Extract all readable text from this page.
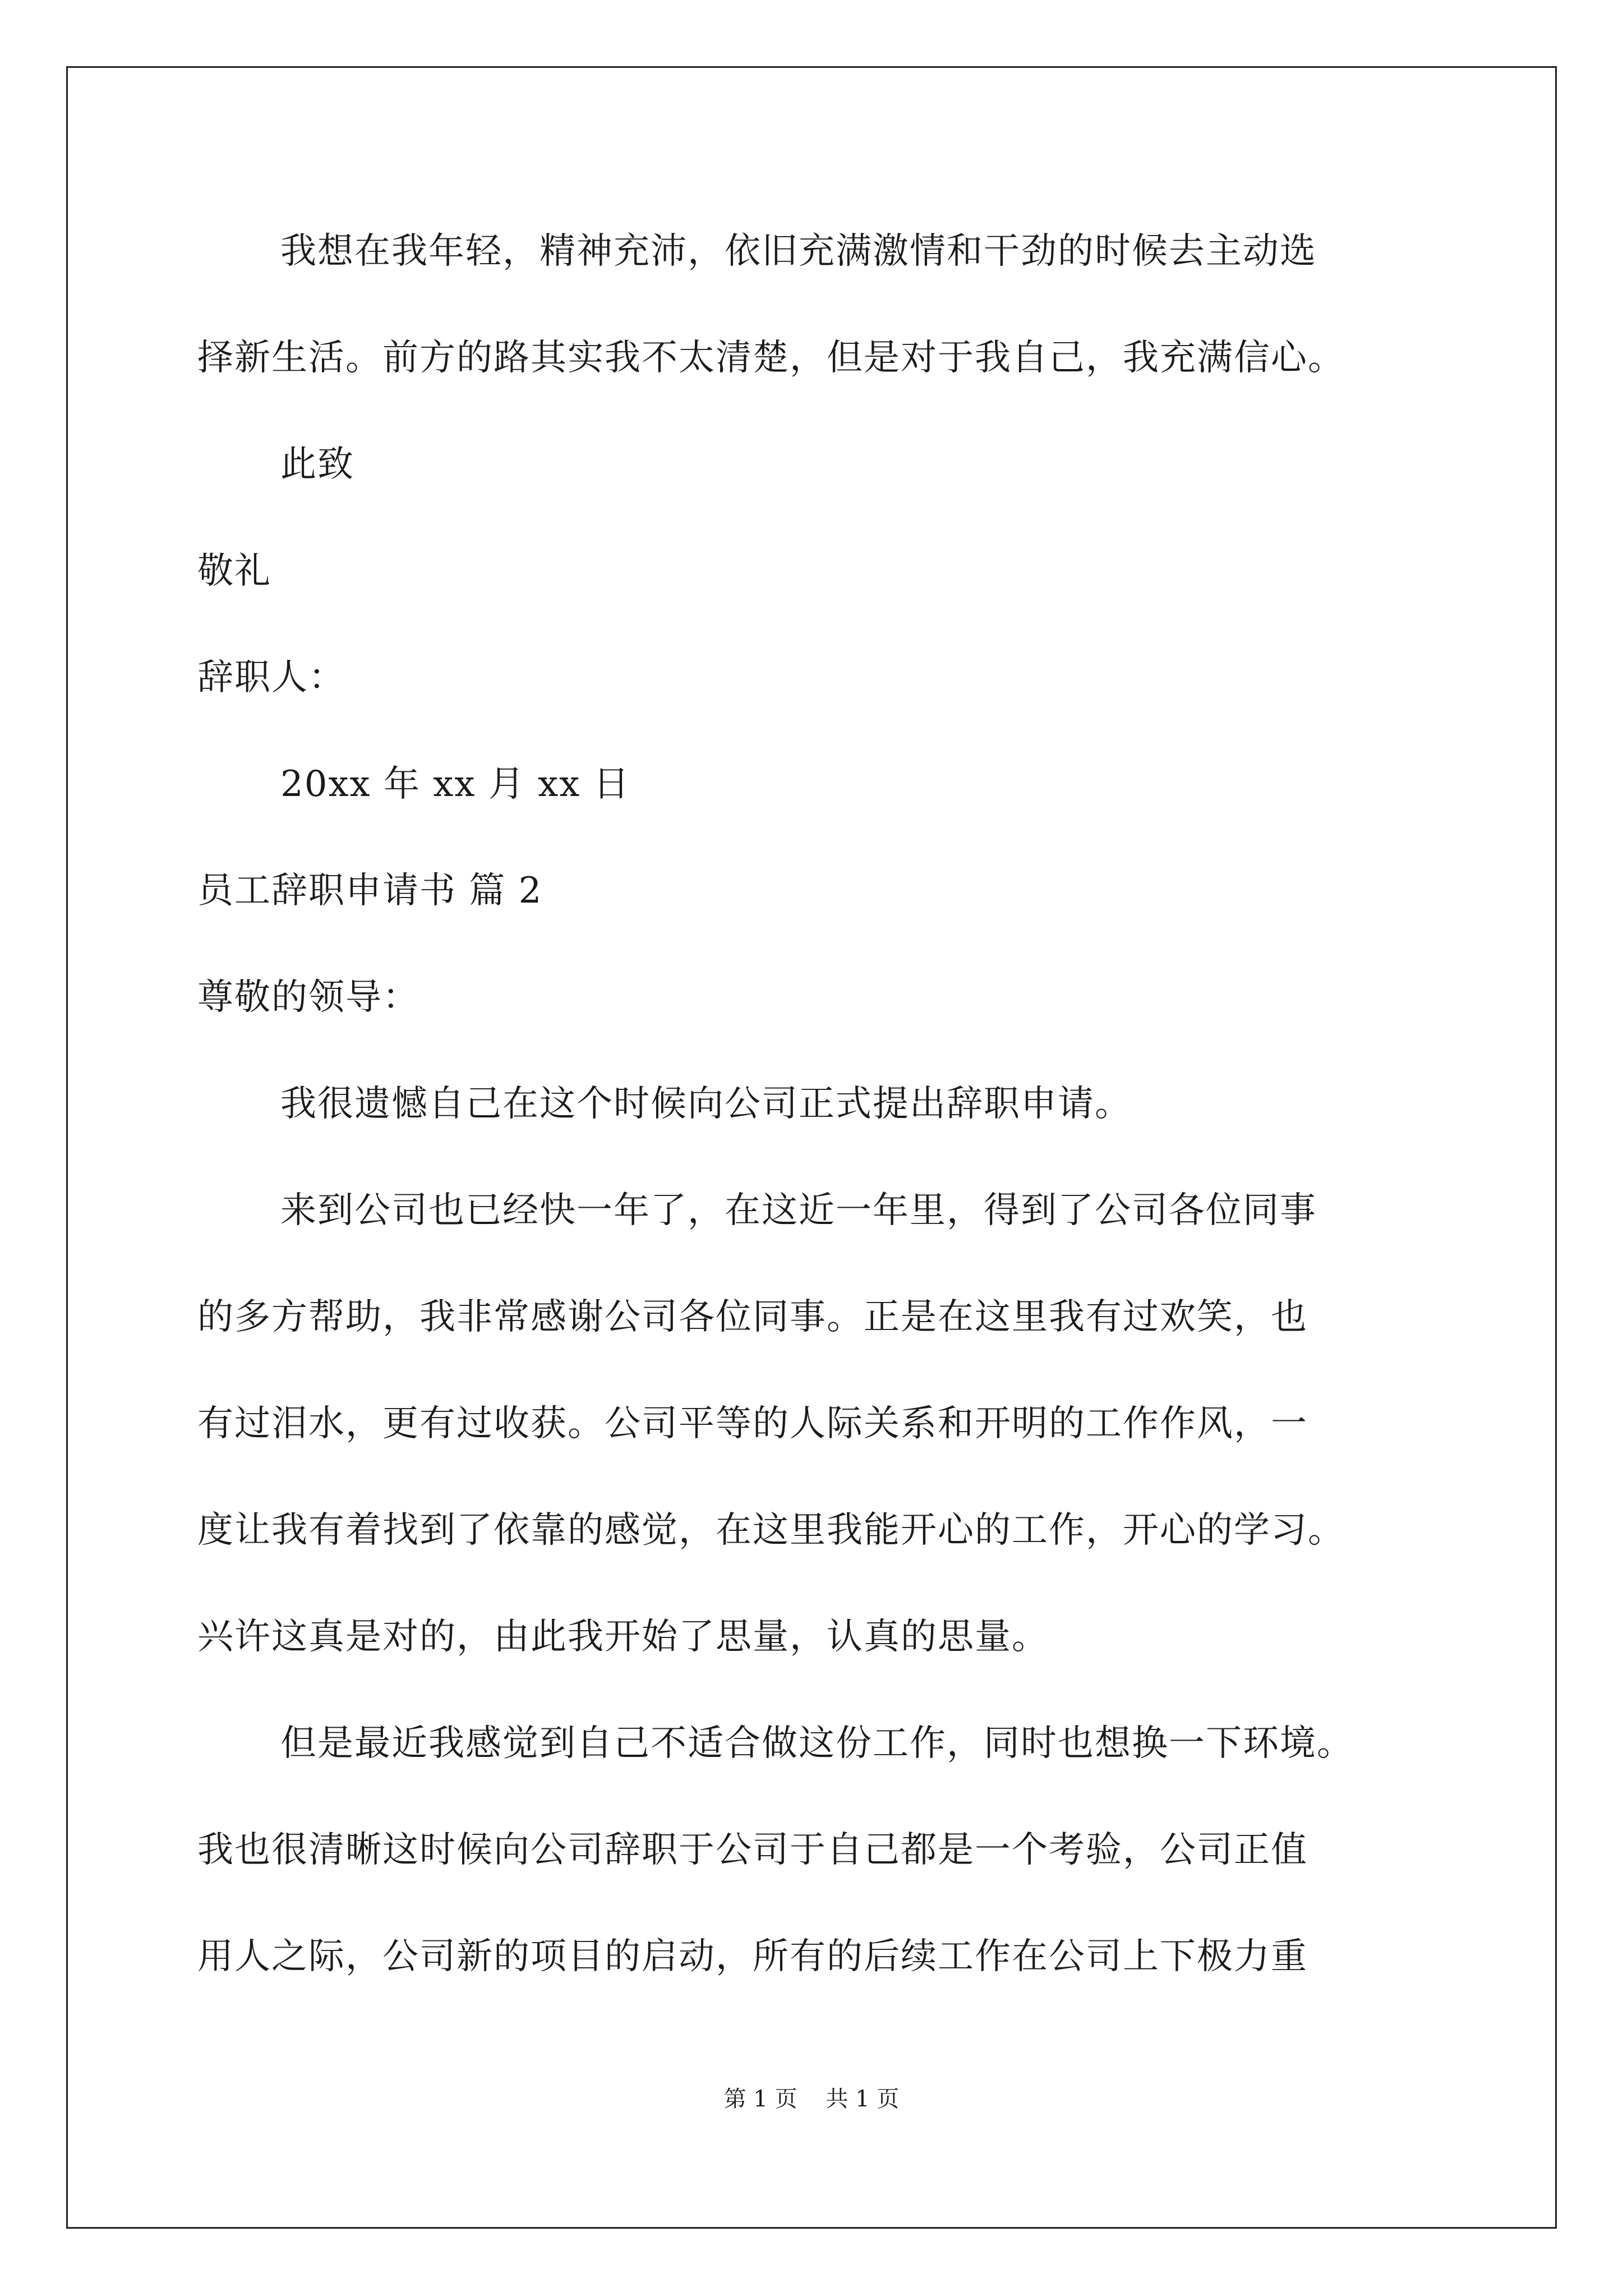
我想在我年轻，精神充沛，依旧充满激情和干劲的时候去主动选
择新生活。前方的路其实我不太清楚，但是对于我自己，我充满信心。
此致
敬礼
辞职人：
20xx 年 xx 月 xx 日
员工辞职申请书 篇 2
尊敬的领导：
我很遗憾自己在这个时候向公司正式提出辞职申请。
来到公司也已经快一年了，在这近一年里，得到了公司各位同事
的多方帮助，我非常感谢公司各位同事。正是在这里我有过欢笑，也
有过泪水，更有过收获。公司平等的人际关系和开明的工作作风，一
度让我有着找到了依靠的感觉，在这里我能开心的工作，开心的学习。
兴许这真是对的，由此我开始了思量，认真的思量。
但是最近我感觉到自己不适合做这份工作，同时也想换一下环境。
我也很清晰这时候向公司辞职于公司于自己都是一个考验，公司正值
用人之际，公司新的项目的启动，所有的后续工作在公司上下极力重
第 1 页    共 1 页
